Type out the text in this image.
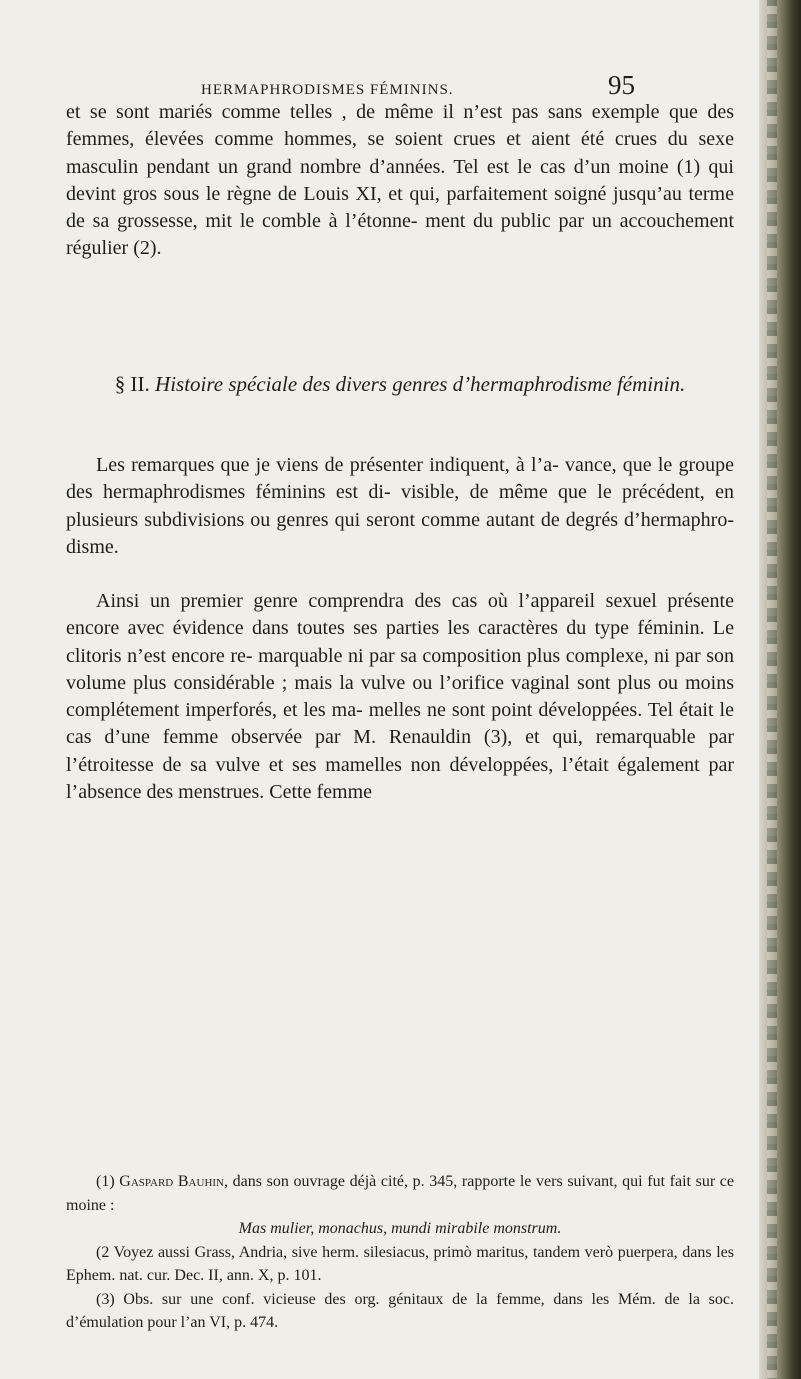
HERMAPHRODISMES FÉMININS.	95

et se sont mariés comme telles , de même il n’est pas sans exemple que des femmes, élevées comme hommes, se soient crues et aient été crues du sexe masculin pendant un grand nombre d’années. Tel est le cas d’un moine (1) qui devint gros sous le règne de Louis XI, et qui, parfaitement soigné jusqu’au terme de sa grossesse, mit le comble à l’étonne- ment du public par un accouchement régulier (2).

§ II. Histoire spéciale des divers genres d’hermaphrodisme féminin.

Les remarques que je viens de présenter indiquent, à l’a- vance, que le groupe des hermaphrodismes féminins est di- visible, de même que le précédent, en plusieurs subdivisions ou genres qui seront comme autant de degrés d’hermaphro- disme.

Ainsi un premier genre comprendra des cas où l’appareil sexuel présente encore avec évidence dans toutes ses parties les caractères du type féminin. Le clitoris n’est encore re- marquable ni par sa composition plus complexe, ni par son volume plus considérable ; mais la vulve ou l’orifice vaginal sont plus ou moins complétement imperforés, et les ma- melles ne sont point développées. Tel était le cas d’une femme observée par M. Renauldin (3), et qui, remarquable par l’étroitesse de sa vulve et ses mamelles non développées, l’était également par l’absence des menstrues. Cette femme

(1) Gaspard Bauhin, dans son ouvrage déjà cité, p. 345, rapporte le vers suivant, qui fut fait sur ce moine :

Mas mulier, monachus, mundi mirabile monstrum.

(2 Voyez aussi Grass, Andria, sive herm. silesiacus, primò maritus, tandem verò puerpera, dans les Ephem. nat. cur. Dec. II, ann. X, p. 101.

(3) Obs. sur une conf. vicieuse des org. génitaux de la femme, dans les Mém. de la soc. d’émulation pour l’an VI, p. 474.
